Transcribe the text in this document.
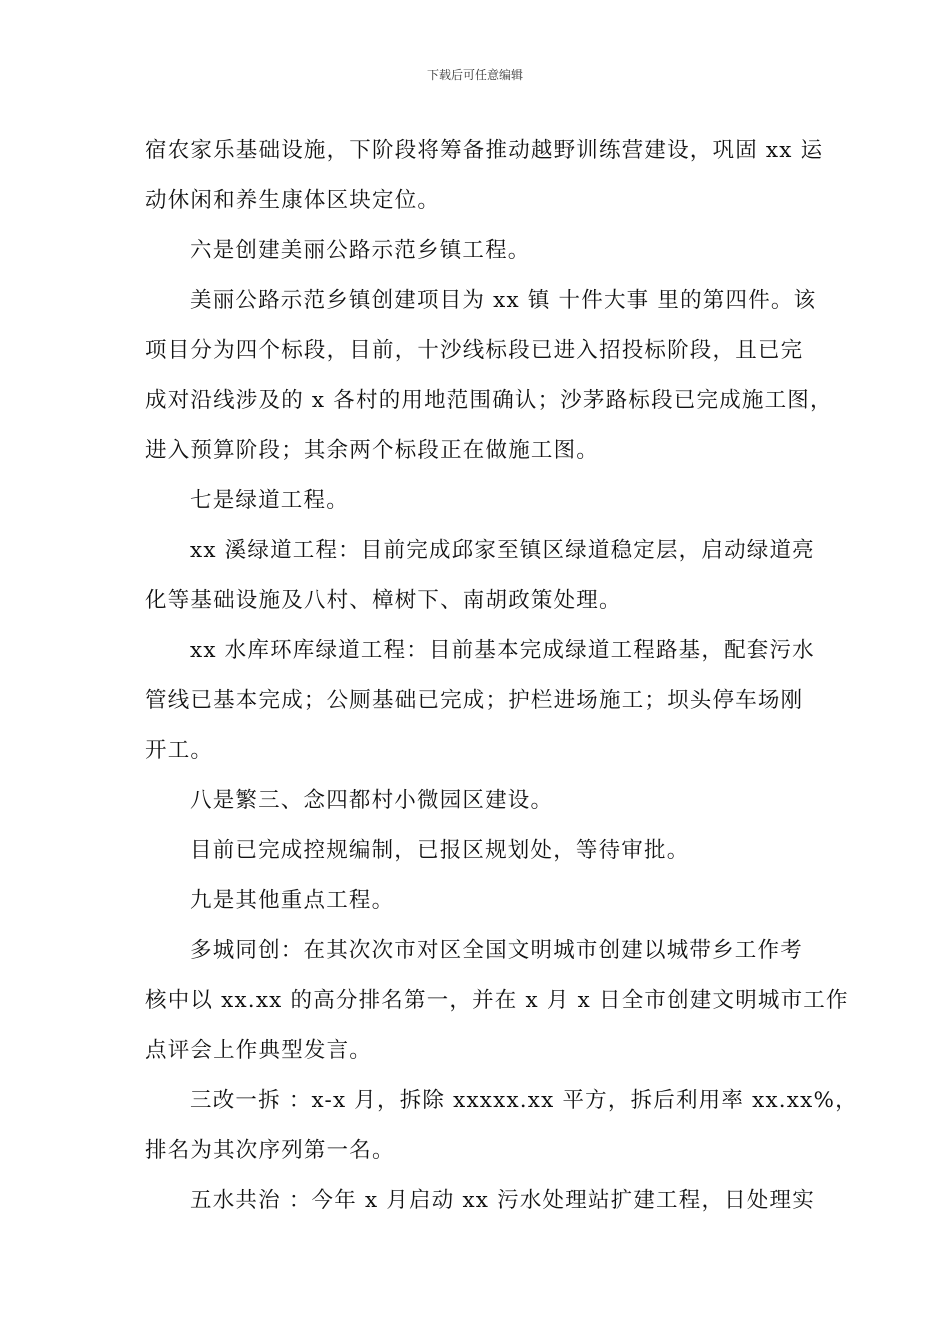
下载后可任意编辑
宿农家乐基础设施，下阶段将筹备推动越野训练营建设，巩固 xx 运
动休闲和养生康体区块定位。
六是创建美丽公路示范乡镇工程。
美丽公路示范乡镇创建项目为 xx 镇 十件大事 里的第四件。该
项目分为四个标段，目前，十沙线标段已进入招投标阶段，且已完
成对沿线涉及的 x 各村的用地范围确认；沙茅路标段已完成施工图，
进入预算阶段；其余两个标段正在做施工图。
七是绿道工程。
xx 溪绿道工程：目前完成邱家至镇区绿道稳定层，启动绿道亮
化等基础设施及八村、樟树下、南胡政策处理。
xx 水库环库绿道工程：目前基本完成绿道工程路基，配套污水
管线已基本完成；公厕基础已完成；护栏进场施工；坝头停车场刚
开工。
八是繁三、念四都村小微园区建设。
目前已完成控规编制，已报区规划处，等待审批。
九是其他重点工程。
多城同创：在其次次市对区全国文明城市创建以城带乡工作考
核中以 xx.xx 的高分排名第一，并在 x 月 x 日全市创建文明城市工作
点评会上作典型发言。
三改一拆 ：x-x 月，拆除 xxxxx.xx 平方，拆后利用率 xx.xx%，
排名为其次序列第一名。
五水共治 ：今年 x 月启动 xx 污水处理站扩建工程，日处理实
